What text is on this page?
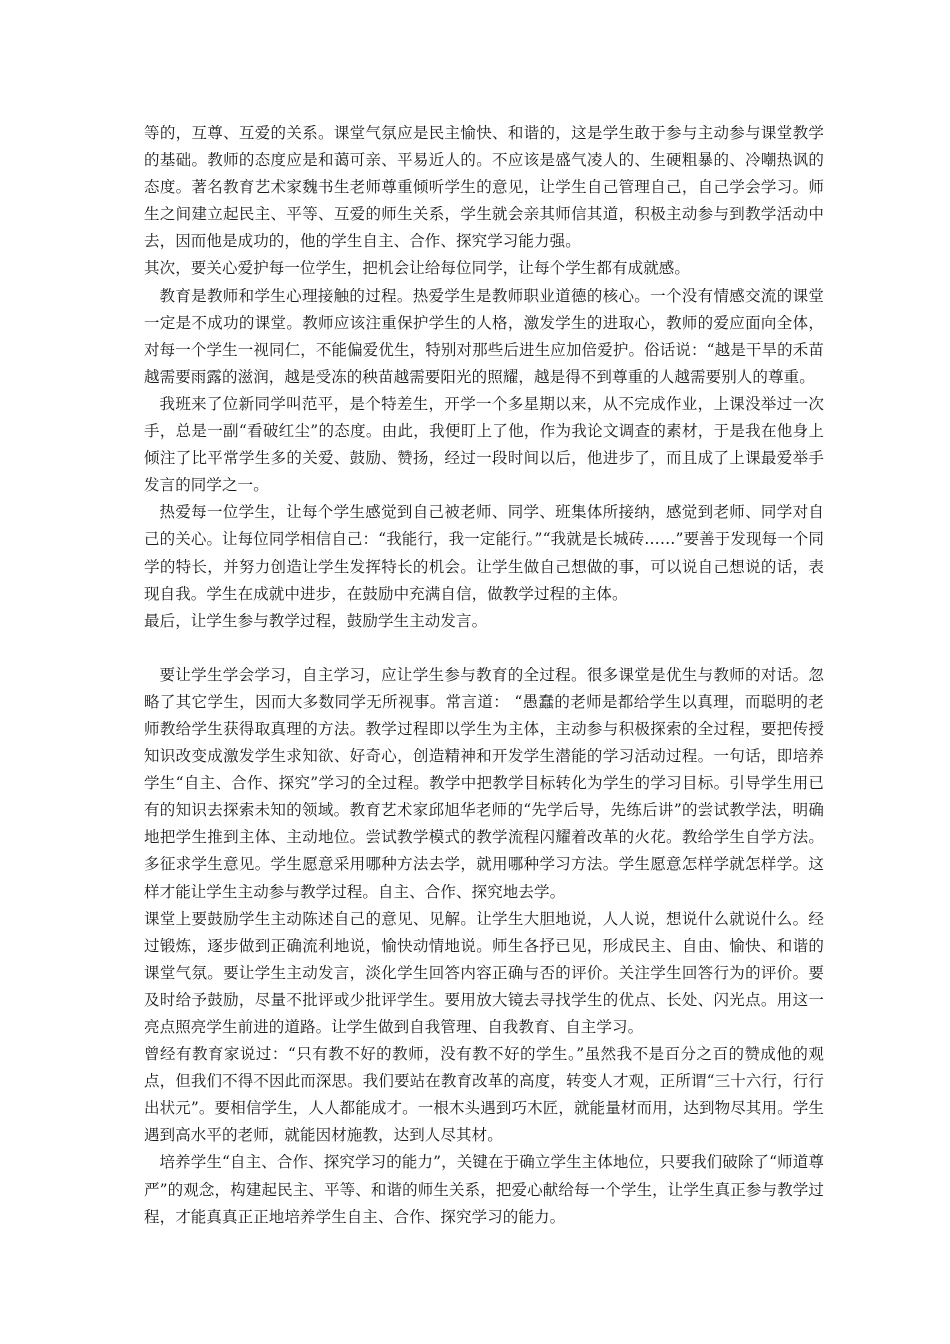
等的，互尊、互爱的关系。课堂气氛应是民主愉快、和谐的，这是学生敢于参与主动参与课堂教学的基础。教师的态度应是和蔼可亲、平易近人的。不应该是盛气凌人的、生硬粗暴的、冷嘲热讽的态度。著名教育艺术家魏书生老师尊重倾听学生的意见，让学生自己管理自己，自己学会学习。师生之间建立起民主、平等、互爱的师生关系，学生就会亲其师信其道，积极主动参与到教学活动中去，因而他是成功的，他的学生自主、合作、探究学习能力强。

其次，要关心爱护每一位学生，把机会让给每位同学，让每个学生都有成就感。

教育是教师和学生心理接触的过程。热爱学生是教师职业道德的核心。一个没有情感交流的课堂一定是不成功的课堂。教师应该注重保护学生的人格，激发学生的进取心，教师的爱应面向全体，对每一个学生一视同仁，不能偏爱优生，特别对那些后进生应加倍爱护。俗话说：“越是干旱的禾苗越需要雨露的滋润，越是受冻的秧苗越需要阳光的照耀，越是得不到尊重的人越需要别人的尊重。

我班来了位新同学叫范平，是个特差生，开学一个多星期以来，从不完成作业，上课没举过一次手，总是一副“看破红尘”的态度。由此，我便盯上了他，作为我论文调查的素材，于是我在他身上倾注了比平常学生多的关爱、鼓励、赞扬，经过一段时间以后，他进步了，而且成了上课最爱举手发言的同学之一。

热爱每一位学生，让每个学生感觉到自己被老师、同学、班集体所接纳，感觉到老师、同学对自己的关心。让每位同学相信自己：“我能行，我一定能行。”“我就是长城砖……”要善于发现每一个同学的特长，并努力创造让学生发挥特长的机会。让学生做自己想做的事，可以说自己想说的话，表现自我。学生在成就中进步，在鼓励中充满自信，做教学过程的主体。

最后，让学生参与教学过程，鼓励学生主动发言。

要让学生学会学习，自主学习，应让学生参与教育的全过程。很多课堂是优生与教师的对话。忽略了其它学生，因而大多数同学无所视事。常言道： “愚蠢的老师是都给学生以真理，而聪明的老师教给学生获得取真理的方法。教学过程即以学生为主体，主动参与积极探索的全过程，要把传授知识改变成激发学生求知欲、好奇心，创造精神和开发学生潜能的学习活动过程。一句话，即培养学生“自主、合作、探究”学习的全过程。教学中把教学目标转化为学生的学习目标。引导学生用已有的知识去探索未知的领域。教育艺术家邱旭华老师的“先学后导，先练后讲”的尝试教学法，明确地把学生推到主体、主动地位。尝试教学模式的教学流程闪耀着改革的火花。教给学生自学方法。多征求学生意见。学生愿意采用哪种方法去学，就用哪种学习方法。学生愿意怎样学就怎样学。这样才能让学生主动参与教学过程。自主、合作、探究地去学。

课堂上要鼓励学生主动陈述自己的意见、见解。让学生大胆地说，人人说，想说什么就说什么。经过锻炼，逐步做到正确流利地说，愉快动情地说。师生各抒已见，形成民主、自由、愉快、和谐的课堂气氛。要让学生主动发言，淡化学生回答内容正确与否的评价。关注学生回答行为的评价。要及时给予鼓励，尽量不批评或少批评学生。要用放大镜去寻找学生的优点、长处、闪光点。用这一亮点照亮学生前进的道路。让学生做到自我管理、自我教育、自主学习。

曾经有教育家说过：“只有教不好的教师，没有教不好的学生。”虽然我不是百分之百的赞成他的观点，但我们不得不因此而深思。我们要站在教育改革的高度，转变人才观，正所谓“三十六行，行行出状元”。要相信学生，人人都能成才。一根木头遇到巧木匠，就能量材而用，达到物尽其用。学生遇到高水平的老师，就能因材施教，达到人尽其材。

培养学生“自主、合作、探究学习的能力”，关键在于确立学生主体地位，只要我们破除了“师道尊严”的观念，构建起民主、平等、和谐的师生关系，把爱心献给每一个学生，让学生真正参与教学过程，才能真真正正地培养学生自主、合作、探究学习的能力。
